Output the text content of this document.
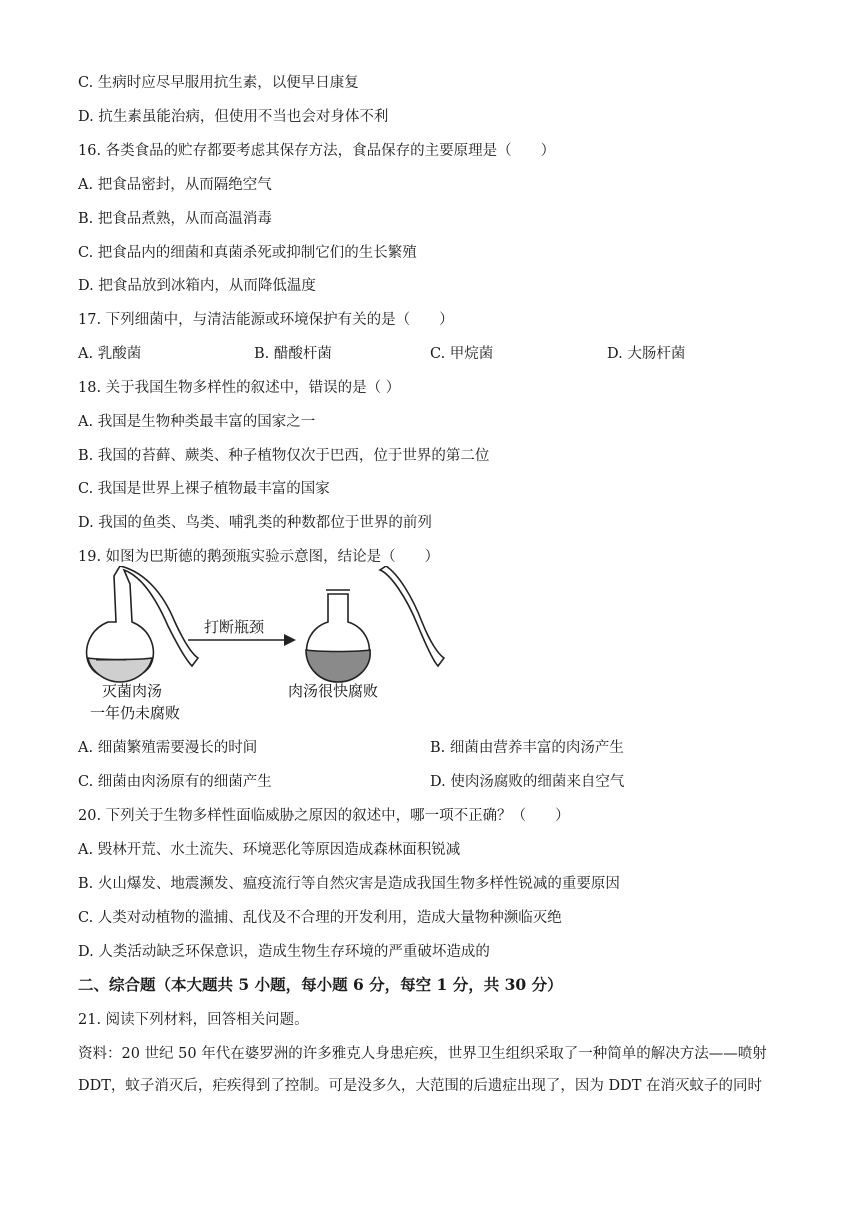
C. 生病时应尽早服用抗生素，以便早日康复
D. 抗生素虽能治病，但使用不当也会对身体不利
16. 各类食品的贮存都要考虑其保存方法，食品保存的主要原理是（　　）
A. 把食品密封，从而隔绝空气
B. 把食品煮熟，从而高温消毒
C. 把食品内的细菌和真菌杀死或抑制它们的生长繁殖
D. 把食品放到冰箱内，从而降低温度
17. 下列细菌中，与清洁能源或环境保护有关的是（　　）
A. 乳酸菌	B. 醋酸杆菌	C. 甲烷菌	D. 大肠杆菌
18. 关于我国生物多样性的叙述中，错误的是（ ）
A. 我国是生物种类最丰富的国家之一
B. 我国的苔藓、蕨类、种子植物仅次于巴西，位于世界的第二位
C. 我国是世界上裸子植物最丰富的国家
D. 我国的鱼类、鸟类、哺乳类的种数都位于世界的前列
19. 如图为巴斯德的鹅颈瓶实验示意图，结论是（　　）
打断瓶颈
灭菌肉汤
一年仍未腐败
肉汤很快腐败
A. 细菌繁殖需要漫长的时间	B. 细菌由营养丰富的肉汤产生
C. 细菌由肉汤原有的细菌产生	D. 使肉汤腐败的细菌来自空气
20. 下列关于生物多样性面临威胁之原因的叙述中，哪一项不正确？（　　）
A. 毁林开荒、水土流失、环境恶化等原因造成森林面积锐减
B. 火山爆发、地震濒发、瘟疫流行等自然灾害是造成我国生物多样性锐减的重要原因
C. 人类对动植物的滥捕、乱伐及不合理的开发利用，造成大量物种濒临灭绝
D. 人类活动缺乏环保意识，造成生物生存环境的严重破坏造成的
二、综合题（本大题共 5 小题，每小题 6 分，每空 1 分，共 30 分）
21. 阅读下列材料，回答相关问题。
资料：20 世纪 50 年代在婆罗洲的许多雅克人身患疟疾，世界卫生组织采取了一种简单的解决方法——喷射
DDT，蚊子消灭后，疟疾得到了控制。可是没多久，大范围的后遗症出现了，因为 DDT 在消灭蚊子的同时
